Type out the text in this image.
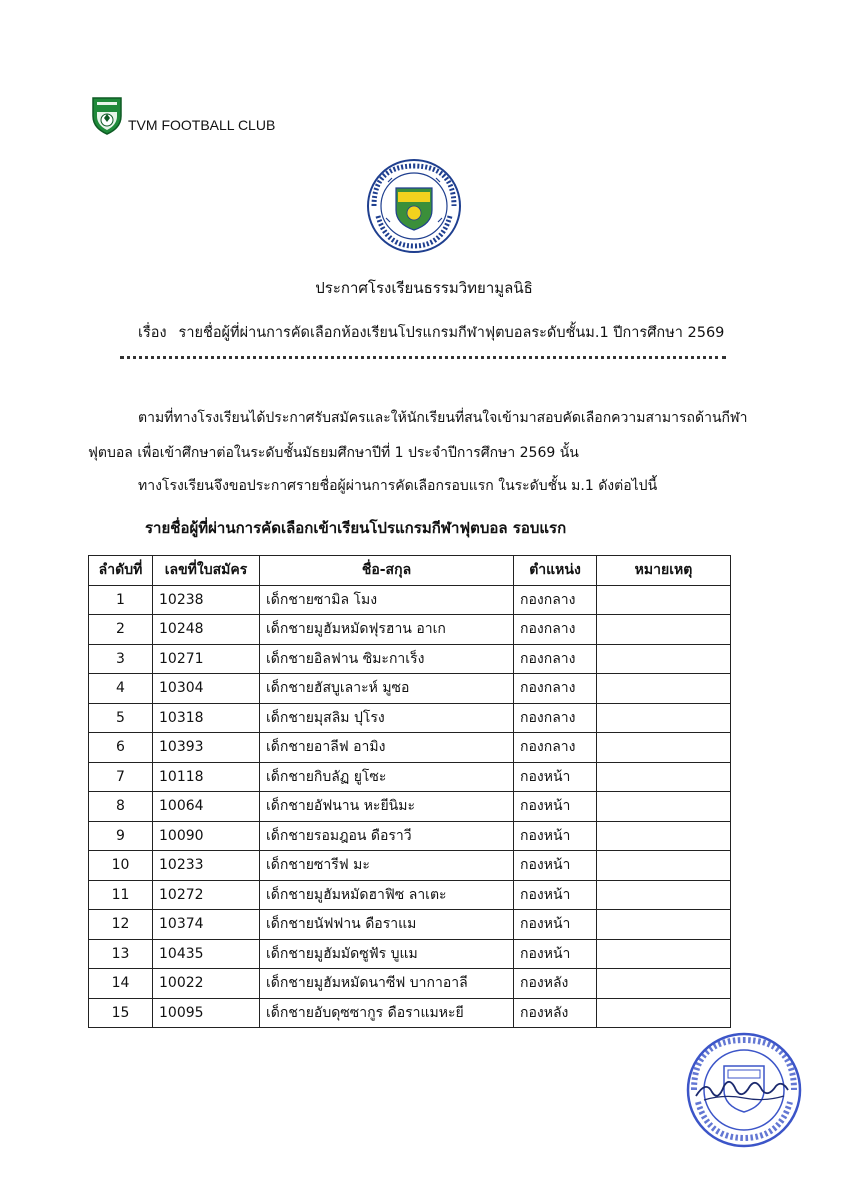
TVM FOOTBALL CLUB
ประกาศโรงเรียนธรรมวิทยามูลนิธิ
เรื่อง รายชื่อผู้ที่ผ่านการคัดเลือกห้องเรียนโปรแกรมกีฬาฟุตบอลระดับชั้นม.1 ปีการศึกษา 2569
ตามที่ทางโรงเรียนได้ประกาศรับสมัครและให้นักเรียนที่สนใจเข้ามาสอบคัดเลือกความสามารถด้านกีฬา
ฟุตบอล เพื่อเข้าศึกษาต่อในระดับชั้นมัธยมศึกษาปีที่ 1 ประจำปีการศึกษา 2569 นั้น
ทางโรงเรียนจึงขอประกาศรายชื่อผู้ผ่านการคัดเลือกรอบแรก ในระดับชั้น ม.1 ดังต่อไปนี้
รายชื่อผู้ที่ผ่านการคัดเลือกเข้าเรียนโปรแกรมกีฬาฟุตบอล รอบแรก
ลำดับที่	เลขที่ใบสมัคร	ชื่อ-สกุล	ตำแหน่ง	หมายเหตุ
1	10238	เด็กชายซามิล โมง	กองกลาง	
2	10248	เด็กชายมูฮัมหมัดฟุรฮาน อาเก	กองกลาง	
3	10271	เด็กชายอิลฟาน ซิมะกาเร็ง	กองกลาง	
4	10304	เด็กชายฮัสบูเลาะห์ มูซอ	กองกลาง	
5	10318	เด็กชายมุสลิม ปุโรง	กองกลาง	
6	10393	เด็กชายอาลีฟ อามิง	กองกลาง	
7	10118	เด็กชายกิบลัฏ ยูโซะ	กองหน้า	
8	10064	เด็กชายอัฟนาน หะยีนิมะ	กองหน้า	
9	10090	เด็กชายรอมฎอน ดือราวี	กองหน้า	
10	10233	เด็กชายซารีฟ มะ	กองหน้า	
11	10272	เด็กชายมูฮัมหมัดฮาฟิซ ลาเตะ	กองหน้า	
12	10374	เด็กชายนัฟฟาน ดือราแม	กองหน้า	
13	10435	เด็กชายมูฮัมมัดซูฟัร บูแม	กองหน้า	
14	10022	เด็กชายมูฮัมหมัดนาซีฟ บากาอาลี	กองหลัง	
15	10095	เด็กชายอับดุซซากูร ดือราแมหะยี	กองหลัง	
